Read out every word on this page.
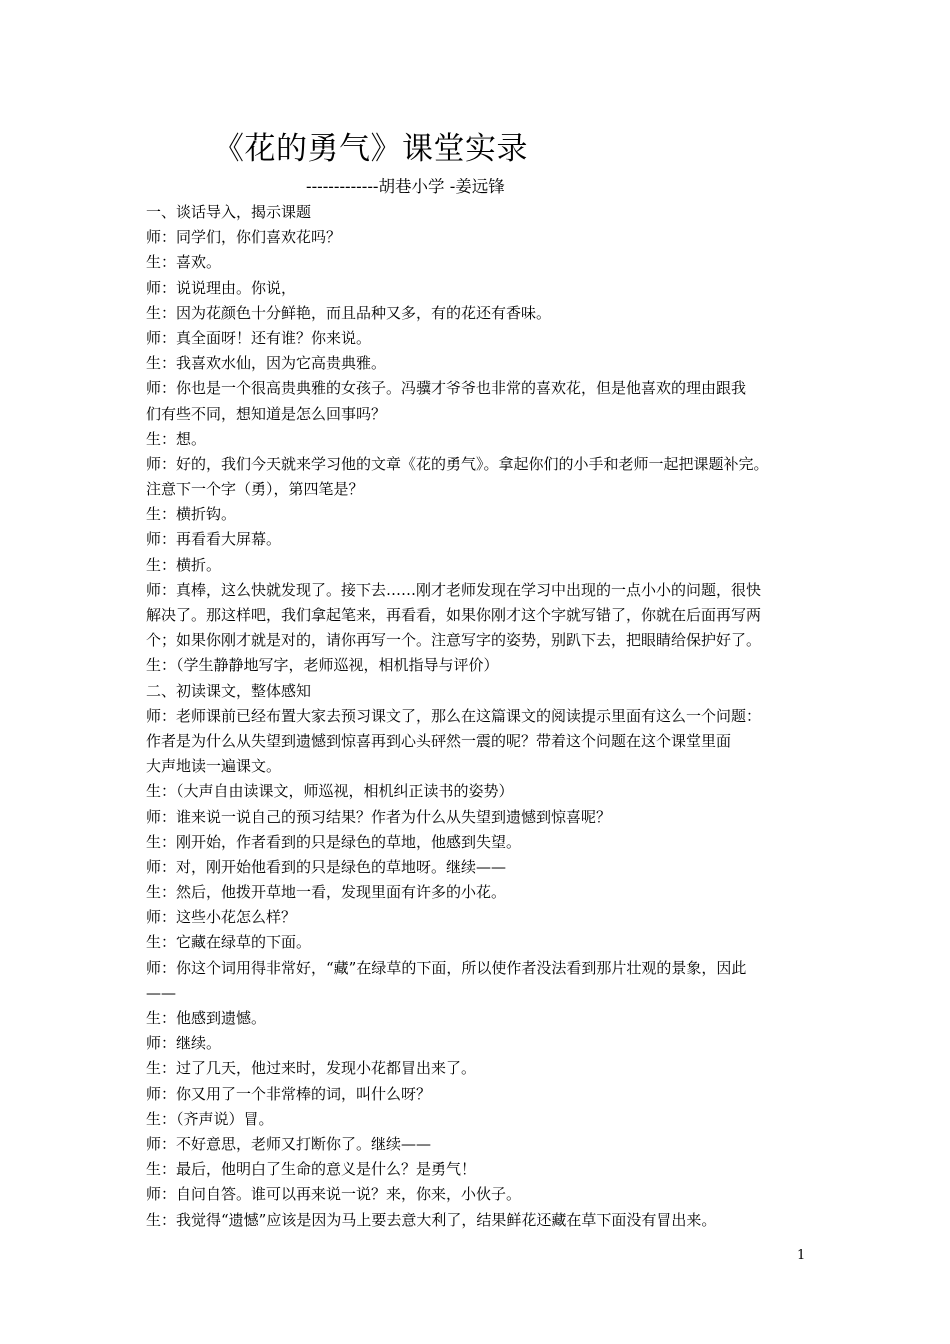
《花的勇气》课堂实录
-------------胡巷小学 -姜远锋
一、谈话导入，揭示课题
师：同学们，你们喜欢花吗？
生：喜欢。
师：说说理由。你说，
生：因为花颜色十分鲜艳，而且品种又多，有的花还有香味。
师：真全面呀！还有谁？你来说。
生：我喜欢水仙，因为它高贵典雅。
师：你也是一个很高贵典雅的女孩子。冯骥才爷爷也非常的喜欢花，但是他喜欢的理由跟我
们有些不同，想知道是怎么回事吗？
生：想。
师：好的，我们今天就来学习他的文章《花的勇气》。拿起你们的小手和老师一起把课题补完。
注意下一个字（勇），第四笔是？
生：横折钩。
师：再看看大屏幕。
生：横折。
师：真棒，这么快就发现了。接下去……刚才老师发现在学习中出现的一点小小的问题，很快
解决了。那这样吧，我们拿起笔来，再看看，如果你刚才这个字就写错了，你就在后面再写两
个；如果你刚才就是对的，请你再写一个。注意写字的姿势，别趴下去，把眼睛给保护好了。
生：（学生静静地写字，老师巡视，相机指导与评价）
二、初读课文，整体感知
师：老师课前已经布置大家去预习课文了，那么在这篇课文的阅读提示里面有这么一个问题：
作者是为什么从失望到遗憾到惊喜再到心头砰然一震的呢？带着这个问题在这个课堂里面
大声地读一遍课文。
生：（大声自由读课文，师巡视，相机纠正读书的姿势）
师：谁来说一说自己的预习结果？作者为什么从失望到遗憾到惊喜呢？
生：刚开始，作者看到的只是绿色的草地，他感到失望。
师：对，刚开始他看到的只是绿色的草地呀。继续——
生：然后，他拨开草地一看，发现里面有许多的小花。
师：这些小花怎么样？
生：它藏在绿草的下面。
师：你这个词用得非常好，“藏”在绿草的下面，所以使作者没法看到那片壮观的景象，因此
——
生：他感到遗憾。
师：继续。
生：过了几天，他过来时，发现小花都冒出来了。
师：你又用了一个非常棒的词，叫什么呀？
生：（齐声说）冒。
师：不好意思，老师又打断你了。继续——
生：最后，他明白了生命的意义是什么？是勇气！
师：自问自答。谁可以再来说一说？来，你来，小伙子。
生：我觉得“遗憾”应该是因为马上要去意大利了，结果鲜花还藏在草下面没有冒出来。
1
